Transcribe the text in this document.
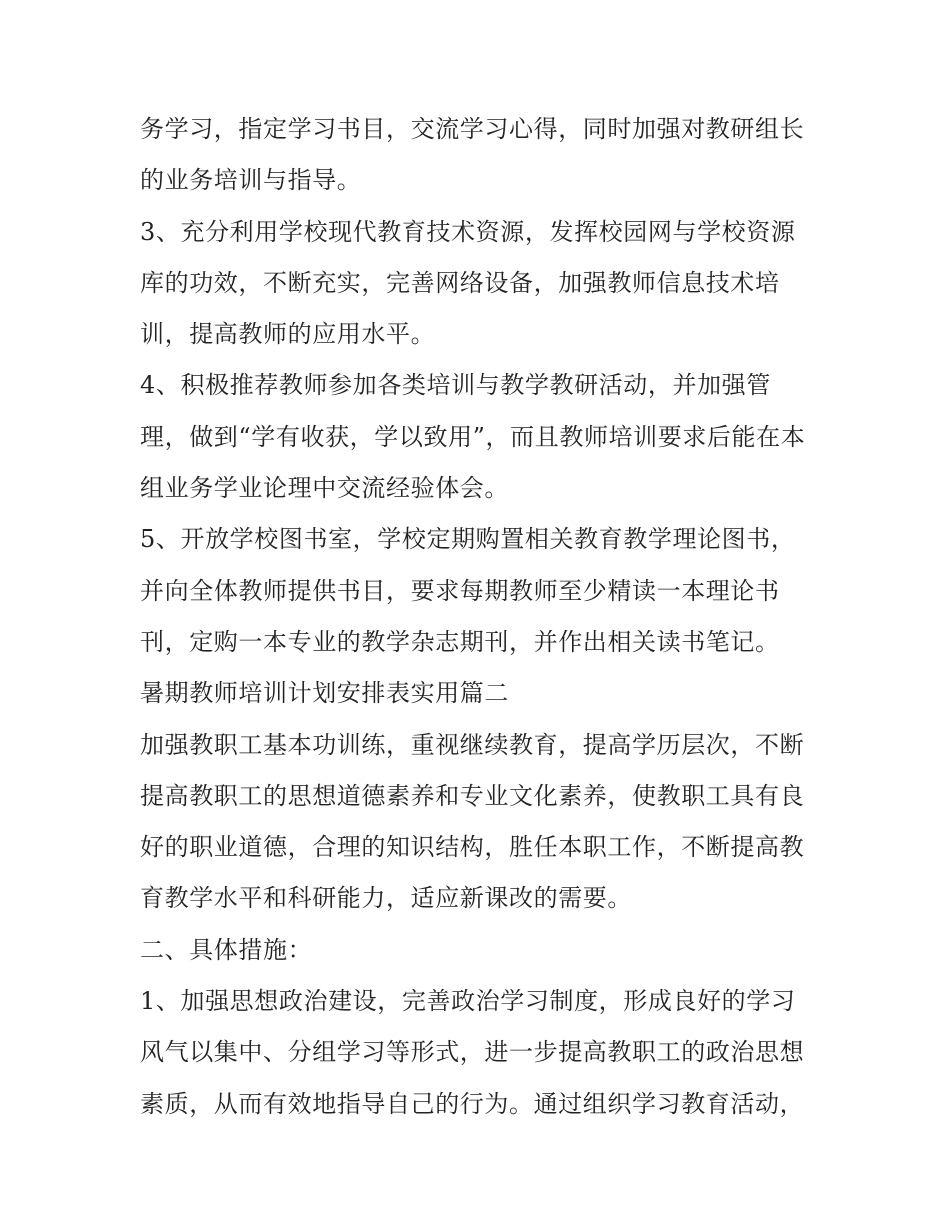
务学习，指定学习书目，交流学习心得，同时加强对教研组长
的业务培训与指导。
3、充分利用学校现代教育技术资源，发挥校园网与学校资源
库的功效，不断充实，完善网络设备，加强教师信息技术培
训，提高教师的应用水平。
4、积极推荐教师参加各类培训与教学教研活动，并加强管
理，做到“学有收获，学以致用”，而且教师培训要求后能在本
组业务学业论理中交流经验体会。
5、开放学校图书室，学校定期购置相关教育教学理论图书，
并向全体教师提供书目，要求每期教师至少精读一本理论书
刊，定购一本专业的教学杂志期刊，并作出相关读书笔记。
暑期教师培训计划安排表实用篇二
加强教职工基本功训练，重视继续教育，提高学历层次，不断
提高教职工的思想道德素养和专业文化素养，使教职工具有良
好的职业道德，合理的知识结构，胜任本职工作，不断提高教
育教学水平和科研能力，适应新课改的需要。
二、具体措施：
1、加强思想政治建设，完善政治学习制度，形成良好的学习
风气以集中、分组学习等形式，进一步提高教职工的政治思想
素质，从而有效地指导自己的行为。通过组织学习教育活动，
